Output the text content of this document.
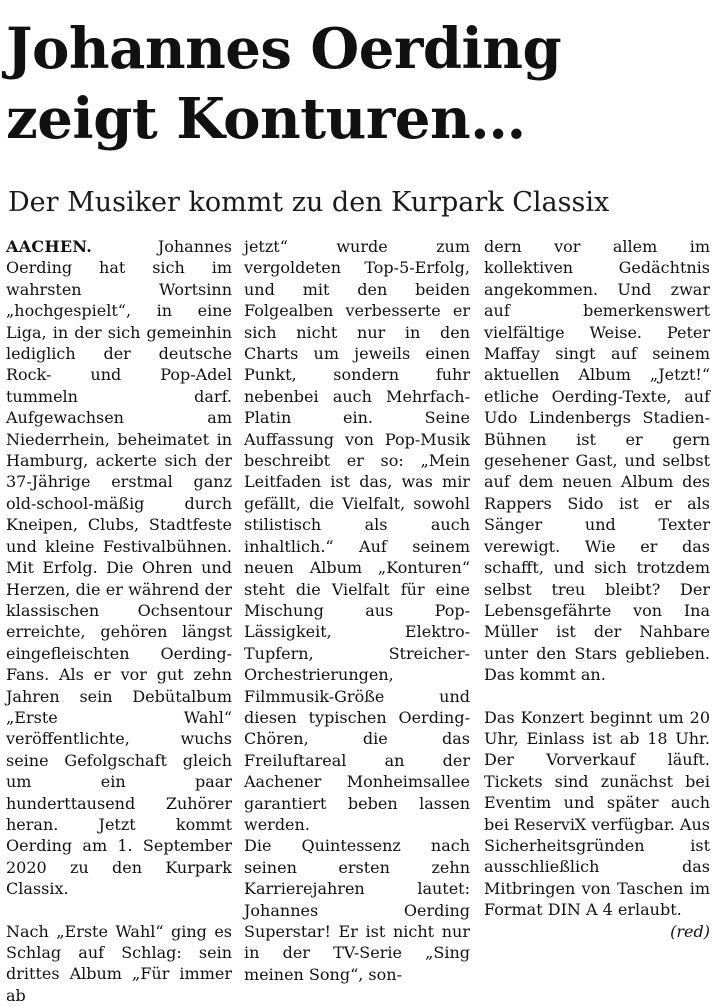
Johannes Oerding zeigt Konturen…
Der Musiker kommt zu den Kurpark Classix

AACHEN.	Johannes Oerding hat sich im wahrsten Wortsinn „hochgespielt“, in eine Liga, in der sich gemeinhin lediglich der deutsche Rock- und Pop-Adel tummeln darf. Aufgewachsen am Niederrhein, beheimatet in Hamburg, ackerte sich der 37-Jährige erstmal ganz old-school-mäßig durch Kneipen, Clubs, Stadtfeste und kleine Festivalbühnen. Mit Erfolg. Die Ohren und Herzen, die er während der klassischen Ochsentour erreichte, gehören längst eingefleischten Oerding-Fans. Als er vor gut zehn Jahren sein Debütalbum „Erste Wahl“ veröffentlichte, wuchs seine Gefolgschaft gleich um ein paar hunderttausend Zuhörer heran. Jetzt kommt Oerding am 1. September 2020 zu den Kurpark Classix.

Nach „Erste Wahl“ ging es Schlag auf Schlag: sein drittes Album „Für immer ab

jetzt“ wurde zum vergoldeten Top-5-Erfolg, und mit den beiden Folgealben verbesserte er sich nicht nur in den Charts um jeweils einen Punkt, sondern fuhr nebenbei auch Mehrfach-Platin ein. Seine Auffassung von Pop-Musik beschreibt er so: „Mein Leitfaden ist das, was mir gefällt, die Vielfalt, sowohl stilistisch als auch inhaltlich.“ Auf seinem neuen Album „Konturen“ steht die Vielfalt für eine Mischung aus Pop-Lässigkeit, Elektro-Tupfern, Streicher-Orchestrierungen, Filmmusik-Größe und diesen typischen Oerding-Chören, die das Freiluftareal an der Aachener Monheimsallee garantiert beben lassen werden.

Die Quintessenz nach seinen ersten zehn Karrierejahren lautet: Johannes Oerding Superstar! Er ist nicht nur in der TV-Serie „Sing meinen Song“, son-

dern vor allem im kollektiven Gedächtnis angekommen. Und zwar auf bemerkenswert vielfältige Weise. Peter Maffay singt auf seinem aktuellen Album „Jetzt!“ etliche Oerding-Texte, auf Udo Lindenbergs Stadien-Bühnen ist er gern gesehener Gast, und selbst auf dem neuen Album des Rappers Sido ist er als Sänger und Texter verewigt. Wie er das schafft, und sich trotzdem selbst treu bleibt? Der Lebensgefährte von Ina Müller ist der Nahbare unter den Stars geblieben. Das kommt an.

Das Konzert beginnt um 20 Uhr, Einlass ist ab 18 Uhr. Der Vorverkauf läuft. Tickets sind zunächst bei Eventim und später auch bei ReserviX verfügbar. Aus Sicherheitsgründen ist ausschließlich das Mitbringen von Taschen im Format DIN A 4 erlaubt.
(red)
